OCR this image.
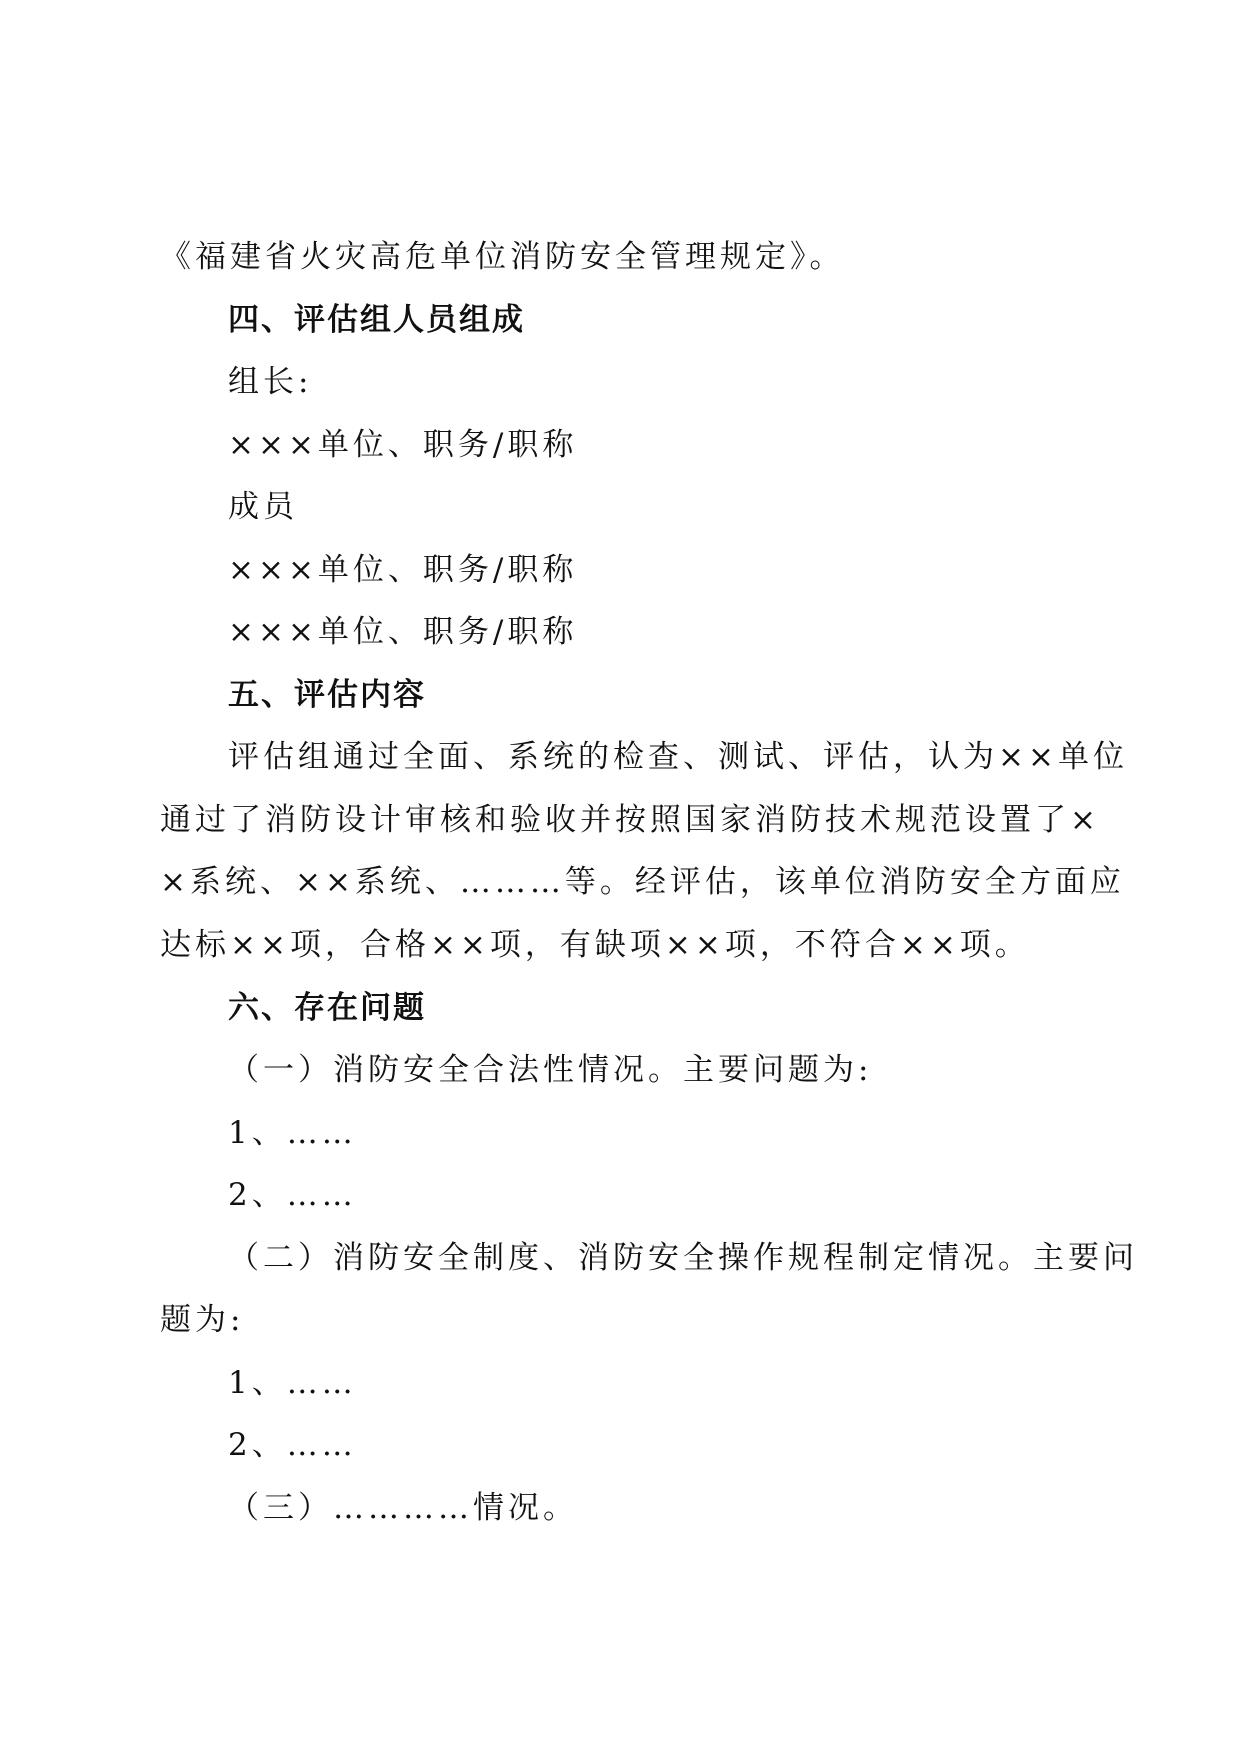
《福建省火灾高危单位消防安全管理规定》。
四、评估组人员组成
组长:
×××单位、职务/职称
成员
×××单位、职务/职称
×××单位、职务/职称
五、评估内容
评估组通过全面、系统的检查、测试、评估，认为××单位
通过了消防设计审核和验收并按照国家消防技术规范设置了×
×系统、××系统、………等。经评估，该单位消防安全方面应
达标××项，合格××项，有缺项××项，不符合××项。
六、存在问题
（一）消防安全合法性情况。主要问题为:
1、……
2、……
（二）消防安全制度、消防安全操作规程制定情况。主要问
题为:
1、……
2、……
（三）…………情况。
